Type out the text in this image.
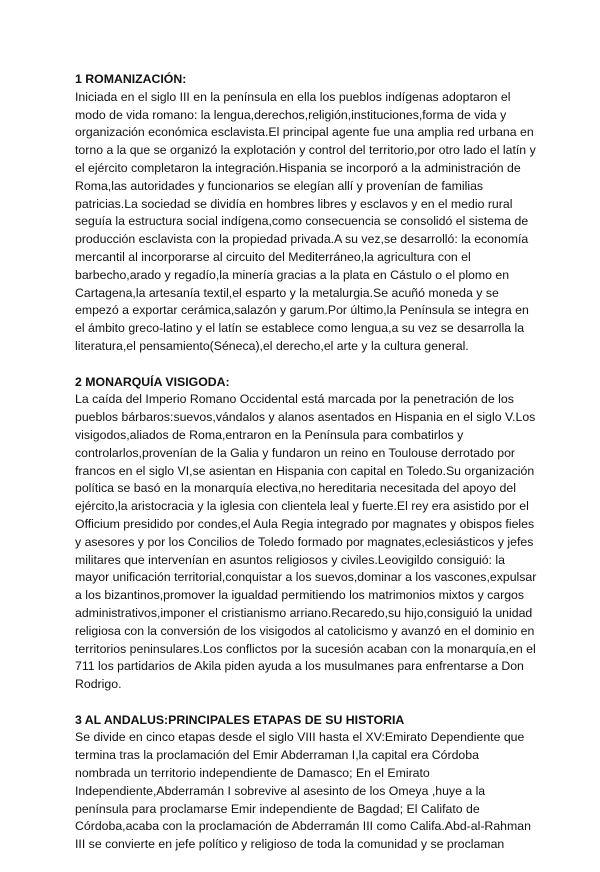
1 ROMANIZACIÓN:

Iniciada en el siglo III en la península en ella los pueblos indígenas adoptaron el modo de vida romano: la lengua,derechos,religión,instituciones,forma de vida y organización económica esclavista.El principal agente fue una amplia red urbana en torno a la que se organizó la explotación y control del territorio,por otro lado el latín y el ejército completaron la integración.Hispania se incorporó a la administración de Roma,las autoridades y funcionarios se elegían allí y provenían de familias patricias.La sociedad se dividía en hombres libres y esclavos y en el medio rural seguía la estructura social indígena,como consecuencia se consolidó el sistema de producción esclavista con la propiedad privada.A su vez,se desarrolló: la economía mercantil al incorporarse al circuito del Mediterráneo,la agricultura con el barbecho,arado y regadío,la minería gracias a la plata en Cástulo o el plomo en Cartagena,la artesanía textil,el esparto y la metalurgia.Se acuñó moneda y se empezó a exportar cerámica,salazón y garum.Por último,la Península se integra en el ámbito greco-latino y el latín se establece como lengua,a su vez se desarrolla la literatura,el pensamiento(Séneca),el derecho,el arte y la cultura general.

2 MONARQUÍA VISIGODA:

La caída del Imperio Romano Occidental está marcada por la penetración de los pueblos bárbaros:suevos,vándalos y alanos asentados en Hispania en el siglo V.Los visigodos,aliados de Roma,entraron en la Península para combatirlos y controlarlos,provenían de la Galia y fundaron un reino en Toulouse derrotado por francos en el siglo VI,se asientan en Hispania con capital en Toledo.Su organización política se basó en la monarquía electiva,no hereditaria necesitada del apoyo del ejército,la aristocracia y la iglesia con clientela leal y fuerte.El rey era asistido por el Officium presidido por condes,el Aula Regia integrado por magnates y obispos fieles y asesores y por los Concilios de Toledo formado por magnates,eclesiásticos y jefes militares que intervenían en asuntos religiosos y civiles.Leovigildo consiguió: la mayor unificación territorial,conquistar a los suevos,dominar a los vascones,expulsar a los bizantinos,promover la igualdad permitiendo los matrimonios mixtos y cargos administrativos,imponer el cristianismo arriano.Recaredo,su hijo,consiguió la unidad religiosa con la conversión de los visigodos al catolicismo y avanzó en el dominio en territorios peninsulares.Los conflictos por la sucesión acaban con la monarquía,en el 711 los partidarios de Akila piden ayuda a los musulmanes para enfrentarse a Don Rodrigo.

3 AL ANDALUS:PRINCIPALES ETAPAS DE SU HISTORIA

Se divide en cinco etapas desde el siglo VIII hasta el XV:Emirato Dependiente que termina tras la proclamación del Emir Abderraman I,la capital era Córdoba nombrada un territorio independiente de Damasco; En el Emirato Independiente,Abderramán I sobrevive al asesinto de los Omeya ,huye a la península para proclamarse Emir independiente de Bagdad; El Califato de Córdoba,acaba con la proclamación de Abderramán III como Califa.Abd-al-Rahman III se convierte en jefe político y religioso de toda la comunidad y se proclaman
